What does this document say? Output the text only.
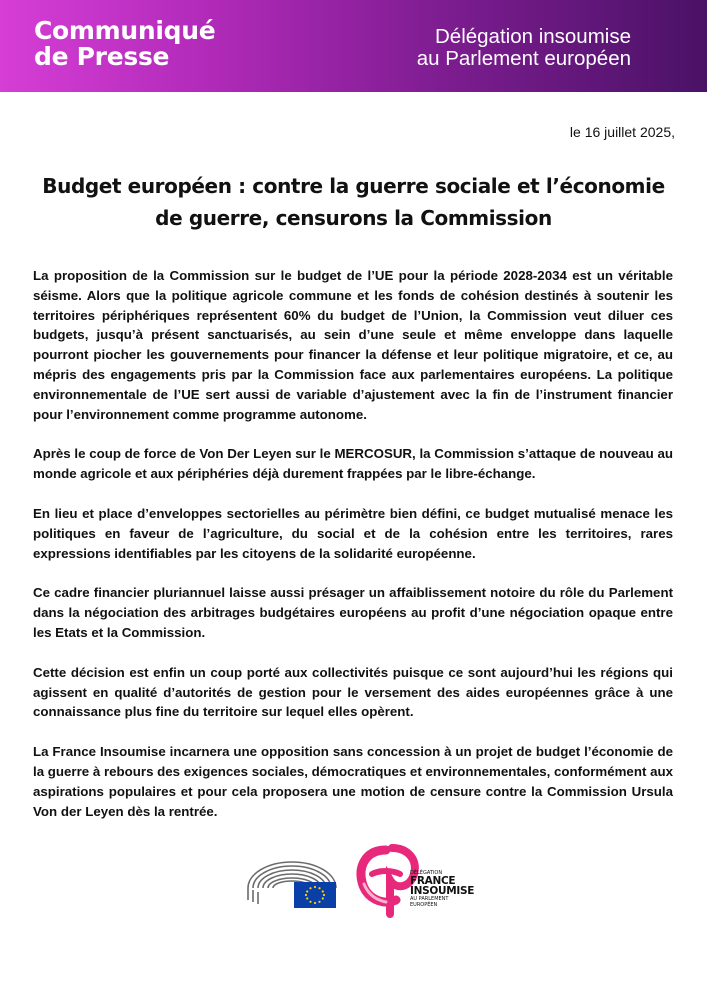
Communiqué
de Presse
Délégation insoumise
au Parlement européen
le 16 juillet 2025,
Budget européen : contre la guerre sociale et l’économie
de guerre, censurons la Commission

La proposition de la Commission sur le budget de l’UE pour la période 2028-2034 est un véritable séisme. Alors que la politique agricole commune et les fonds de cohésion destinés à soutenir les territoires périphériques représentent 60% du budget de l’Union, la Commission veut diluer ces budgets, jusqu’à présent sanctuarisés, au sein d’une seule et même enveloppe dans laquelle pourront piocher les gouvernements pour financer la défense et leur politique migratoire, et ce, au mépris des engagements pris par la Commission face aux parlementaires européens. La politique environnementale de l’UE sert aussi de variable d’ajustement avec la fin de l’instrument financier pour l’environnement comme programme autonome.

Après le coup de force de Von Der Leyen sur le MERCOSUR, la Commission s’attaque de nouveau au monde agricole et aux périphéries déjà durement frappées par le libre-échange.

En lieu et place d’enveloppes sectorielles au périmètre bien défini, ce budget mutualisé menace les politiques en faveur de l’agriculture, du social et de la cohésion entre les territoires, rares expressions identifiables par les citoyens de la solidarité européenne.

Ce cadre financier pluriannuel laisse aussi présager un affaiblissement notoire du rôle du Parlement dans la négociation des arbitrages budgétaires européens au profit d’une négociation opaque entre les Etats et la Commission.

Cette décision est enfin un coup porté aux collectivités puisque ce sont aujourd’hui les régions qui agissent en qualité d’autorités de gestion pour le versement des aides européennes grâce à une connaissance plus fine du territoire sur lequel elles opèrent.

La France Insoumise incarnera une opposition sans concession à un projet de budget l’économie de la guerre à rebours des exigences sociales, démocratiques et environnementales, conformément aux aspirations populaires et pour cela proposera une motion de censure contre la Commission Ursula Von der Leyen dès la rentrée.

DÉLÉGATION
FRANCE
INSOUMISE
AU PARLEMENT EUROPÉEN
